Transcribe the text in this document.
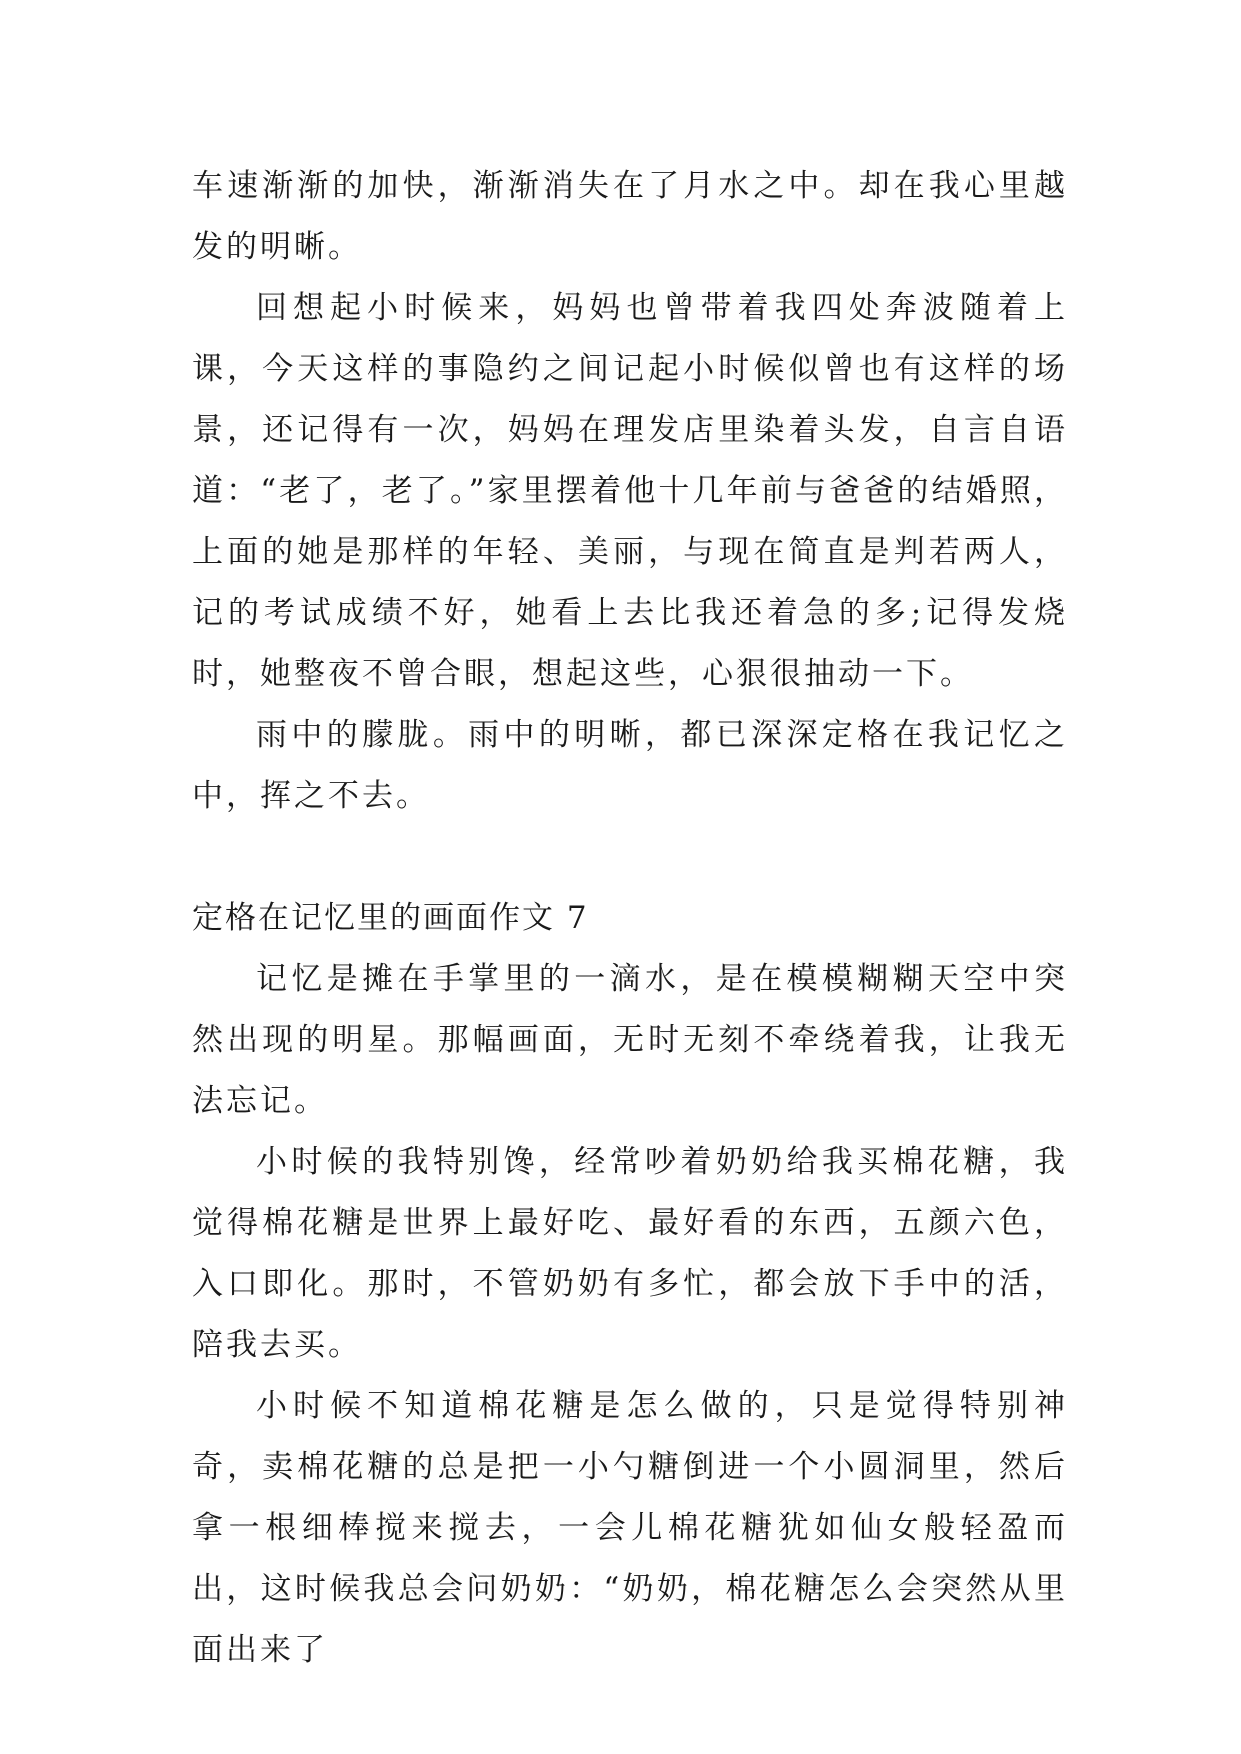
车速渐渐的加快，渐渐消失在了月水之中。却在我心里越发的明晰。

回想起小时候来，妈妈也曾带着我四处奔波随着上课，今天这样的事隐约之间记起小时候似曾也有这样的场景，还记得有一次，妈妈在理发店里染着头发，自言自语道：“老了，老了。”家里摆着他十几年前与爸爸的结婚照，上面的她是那样的年轻、美丽，与现在简直是判若两人，记的考试成绩不好，她看上去比我还着急的多;记得发烧时，她整夜不曾合眼，想起这些，心狠很抽动一下。

雨中的朦胧。雨中的明晰，都已深深定格在我记忆之中，挥之不去。

定格在记忆里的画面作文 7

记忆是摊在手掌里的一滴水，是在模模糊糊天空中突然出现的明星。那幅画面，无时无刻不牵绕着我，让我无法忘记。

小时候的我特别馋，经常吵着奶奶给我买棉花糖，我觉得棉花糖是世界上最好吃、最好看的东西，五颜六色，入口即化。那时，不管奶奶有多忙，都会放下手中的活，陪我去买。

小时候不知道棉花糖是怎么做的，只是觉得特别神奇，卖棉花糖的总是把一小勺糖倒进一个小圆洞里，然后拿一根细棒搅来搅去，一会儿棉花糖犹如仙女般轻盈而出，这时候我总会问奶奶：“奶奶，棉花糖怎么会突然从里面出来了
